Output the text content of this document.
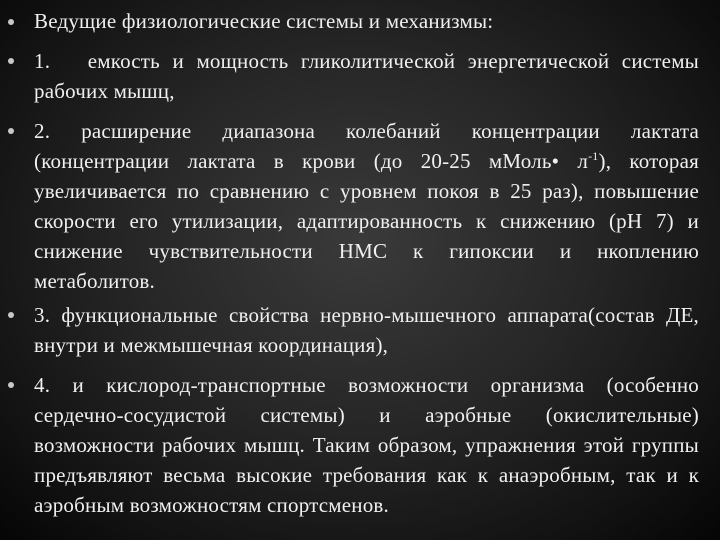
Ведущие физиологические системы и механизмы:
1.   емкость и мощность гликолитической энергетической системы рабочих мышц,
2. расширение диапазона колебаний концентрации лактата (концентрации лактата в крови (до 20-25 мМоль• $л^{-1}$), которая увеличивается по сравнению с уровнем покоя в 25 раз), повышение скорости его утилизации, адаптированность к снижению (pH 7) и снижение чувствительности НМС к гипоксии и нкоплению метаболитов.
3. функциональные свойства нервно-мышечного аппарата(состав ДЕ, внутри и межмышечная координация),
4. и кислород-транспортные возможности организма (особенно сердечно-сосудистой системы) и аэробные (окислительные) возможности рабочих мышц. Таким образом, упражнения этой группы предъявляют весьма высокие требования как к анаэробным, так и к аэробным возможностям спортсменов.
